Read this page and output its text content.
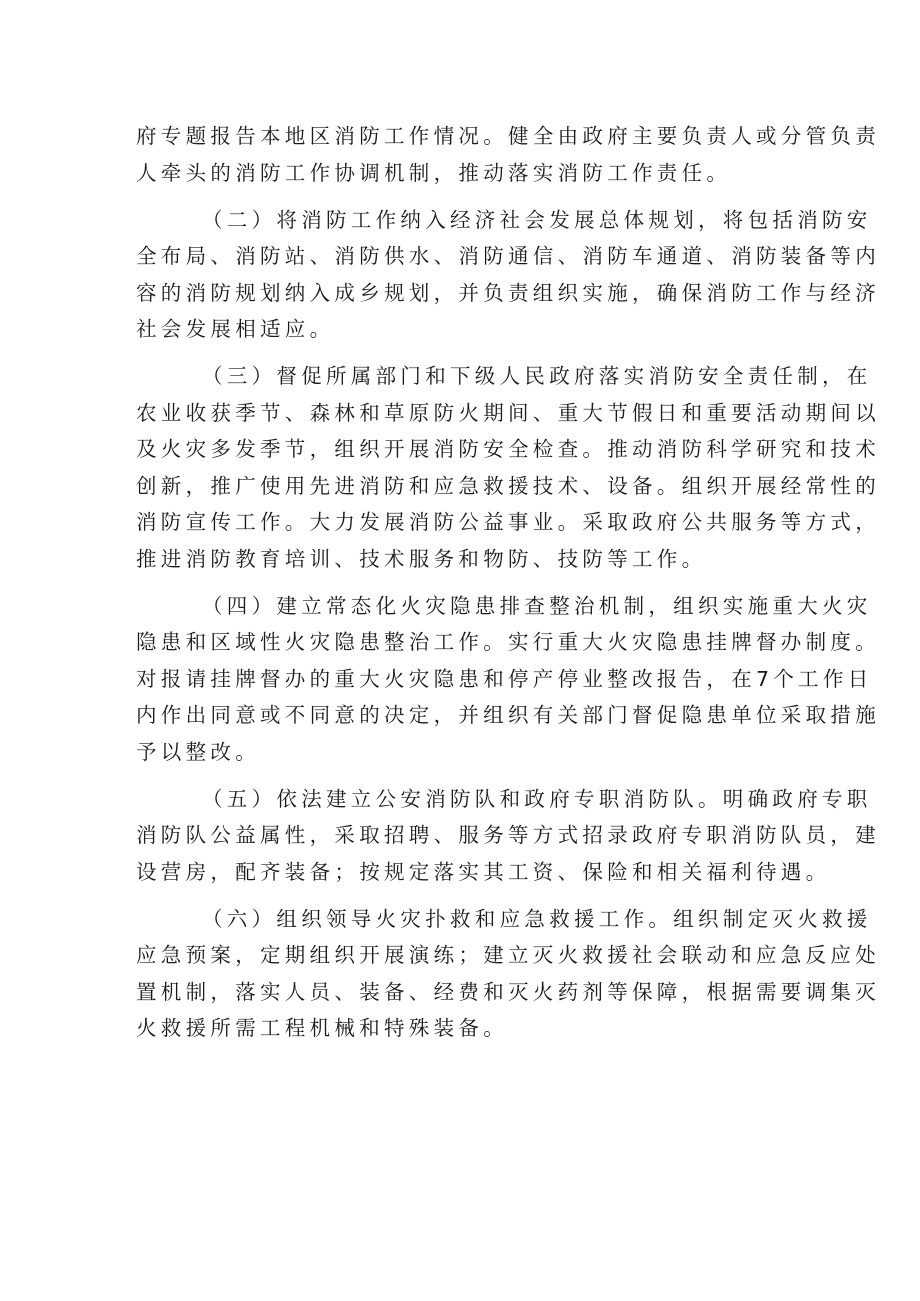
府专题报告本地区消防工作情况。健全由政府主要负责人或分管负责
人牵头的消防工作协调机制，推动落实消防工作责任。
（二）将消防工作纳入经济社会发展总体规划，将包括消防安
全布局、消防站、消防供水、消防通信、消防车通道、消防装备等内
容的消防规划纳入成乡规划，并负责组织实施，确保消防工作与经济
社会发展相适应。
（三）督促所属部门和下级人民政府落实消防安全责任制，在
农业收获季节、森林和草原防火期间、重大节假日和重要活动期间以
及火灾多发季节，组织开展消防安全检查。推动消防科学研究和技术
创新，推广使用先进消防和应急救援技术、设备。组织开展经常性的
消防宣传工作。大力发展消防公益事业。采取政府公共服务等方式，
推进消防教育培训、技术服务和物防、技防等工作。
（四）建立常态化火灾隐患排查整治机制，组织实施重大火灾
隐患和区域性火灾隐患整治工作。实行重大火灾隐患挂牌督办制度。
对报请挂牌督办的重大火灾隐患和停产停业整改报告，在7个工作日
内作出同意或不同意的决定，并组织有关部门督促隐患单位采取措施
予以整改。
（五）依法建立公安消防队和政府专职消防队。明确政府专职
消防队公益属性，采取招聘、服务等方式招录政府专职消防队员，建
设营房，配齐装备；按规定落实其工资、保险和相关福利待遇。
（六）组织领导火灾扑救和应急救援工作。组织制定灭火救援
应急预案，定期组织开展演练；建立灭火救援社会联动和应急反应处
置机制，落实人员、装备、经费和灭火药剂等保障，根据需要调集灭
火救援所需工程机械和特殊装备。
